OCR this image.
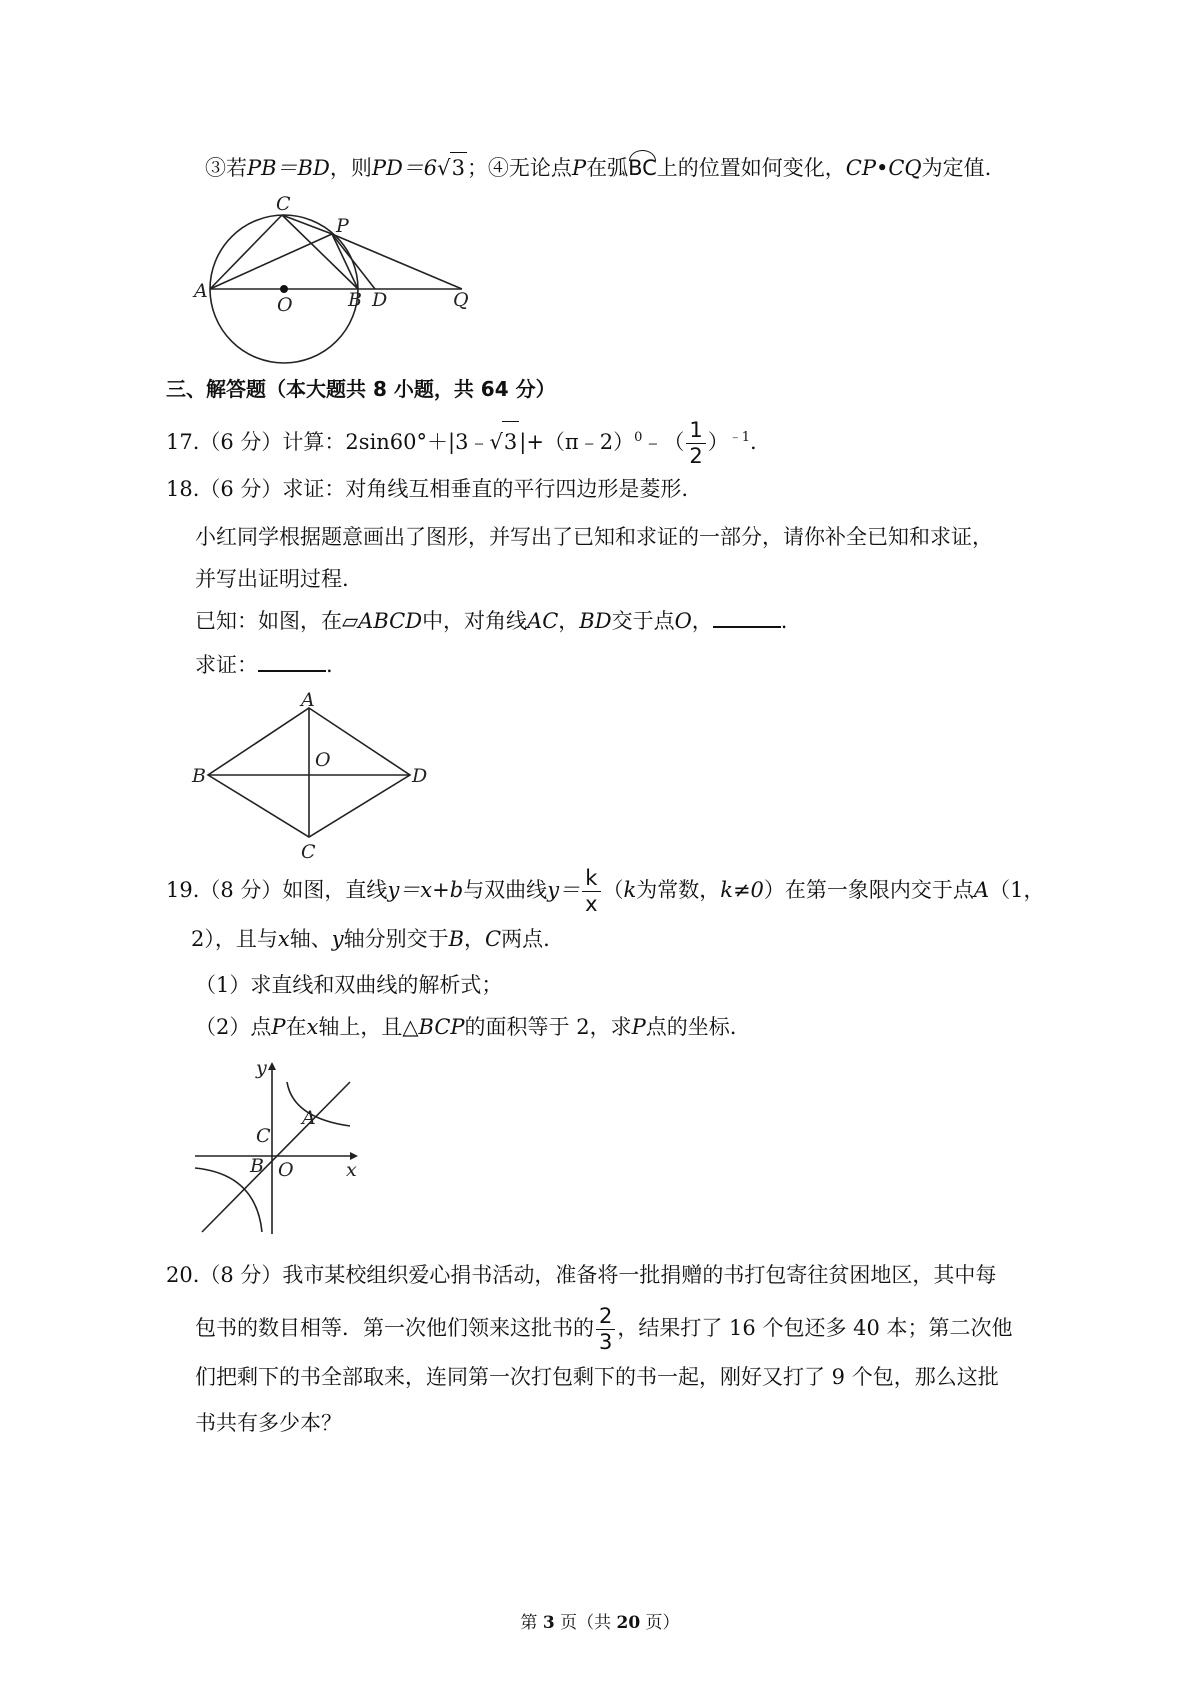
③若PB＝BD，则PD＝6√3；④无论点P在弧BC上的位置如何变化，CP•CQ为定值.
A
C
P
O	B D	Q
三、解答题（本大题共 8 小题，共 64 分）
17.（6 分）计算：2sin60°＋|3﹣√3|+（π﹣2）$^0$﹣（ $\frac{1}{2} )^{﹣1}$.
18.（6 分）求证：对角线互相垂直的平行四边形是菱形.
小红同学根据题意画出了图形，并写出了已知和求证的一部分，请你补全已知和求证，
并写出证明过程.
已知：如图，在▱ABCD中，对角线AC，BD交于点O，	.
求证：	.
A
B
O
D
C
19.（8 分）如图，直线y＝x+b与双曲线$y= \frac{k}{x} (k$为常数，k≠0）在第一象限内交于点A（1，
2），且与x轴、y轴分别交于B，C两点.
（1）求直线和双曲线的解析式；
（2）点P在x轴上，且△BCP的面积等于 2，求P点的坐标.
y
A
C
B O	x
20.（8 分）我市某校组织爱心捐书活动，准备将一批捐赠的书打包寄往贫困地区，其中每
包书的数目相等．第一次他们领来这批书的 $\frac{2}{3}$ ，结果打了 16 个包还多 40 本；第二次他
们把剩下的书全部取来，连同第一次打包剩下的书一起，刚好又打了 9 个包，那么这批
书共有多少本？
第 3 页（共 20 页）
